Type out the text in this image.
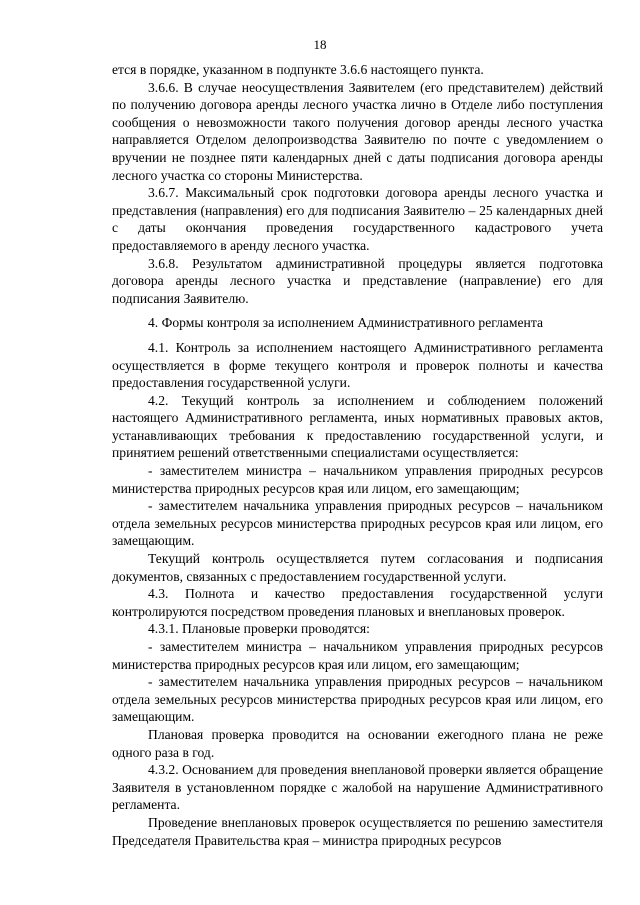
18

ется в порядке, указанном в подпункте 3.6.6 настоящего пункта.

3.6.6. В случае неосуществления Заявителем (его представителем) действий по получению договора аренды лесного участка лично в Отделе либо поступления сообщения о невозможности такого получения договор аренды лесного участка направляется Отделом делопроизводства Заявителю по почте с уведомлением о вручении не позднее пяти календарных дней с даты подписания договора аренды лесного участка со стороны Министерства.

3.6.7. Максимальный срок подготовки договора аренды лесного участка и представления (направления) его для подписания Заявителю – 25 календарных дней с даты окончания проведения государственного кадастрового учета предоставляемого в аренду лесного участка.

3.6.8. Результатом административной процедуры является подготовка договора аренды лесного участка и представление (направление) его для подписания Заявителю.

4. Формы контроля за исполнением Административного регламента

4.1. Контроль за исполнением настоящего Административного регламента осуществляется в форме текущего контроля и проверок полноты и качества предоставления государственной услуги.

4.2. Текущий контроль за исполнением и соблюдением положений настоящего Административного регламента, иных нормативных правовых актов, устанавливающих требования к предоставлению государственной услуги, и принятием решений ответственными специалистами осуществляется:

- заместителем министра – начальником управления природных ресурсов министерства природных ресурсов края или лицом, его замещающим;

- заместителем начальника управления природных ресурсов – начальником отдела земельных ресурсов министерства природных ресурсов края или лицом, его замещающим.

Текущий контроль осуществляется путем согласования и подписания документов, связанных с предоставлением государственной услуги.

4.3. Полнота и качество предоставления государственной услуги контролируются посредством проведения плановых и внеплановых проверок.

4.3.1. Плановые проверки проводятся:

- заместителем министра – начальником управления природных ресурсов министерства природных ресурсов края или лицом, его замещающим;

- заместителем начальника управления природных ресурсов – начальником отдела земельных ресурсов министерства природных ресурсов края или лицом, его замещающим.

Плановая проверка проводится на основании ежегодного плана не реже одного раза в год.

4.3.2. Основанием для проведения внеплановой проверки является обращение Заявителя в установленном порядке с жалобой на нарушение Административного регламента.

Проведение внеплановых проверок осуществляется по решению заместителя Председателя Правительства края – министра природных ресурсов
